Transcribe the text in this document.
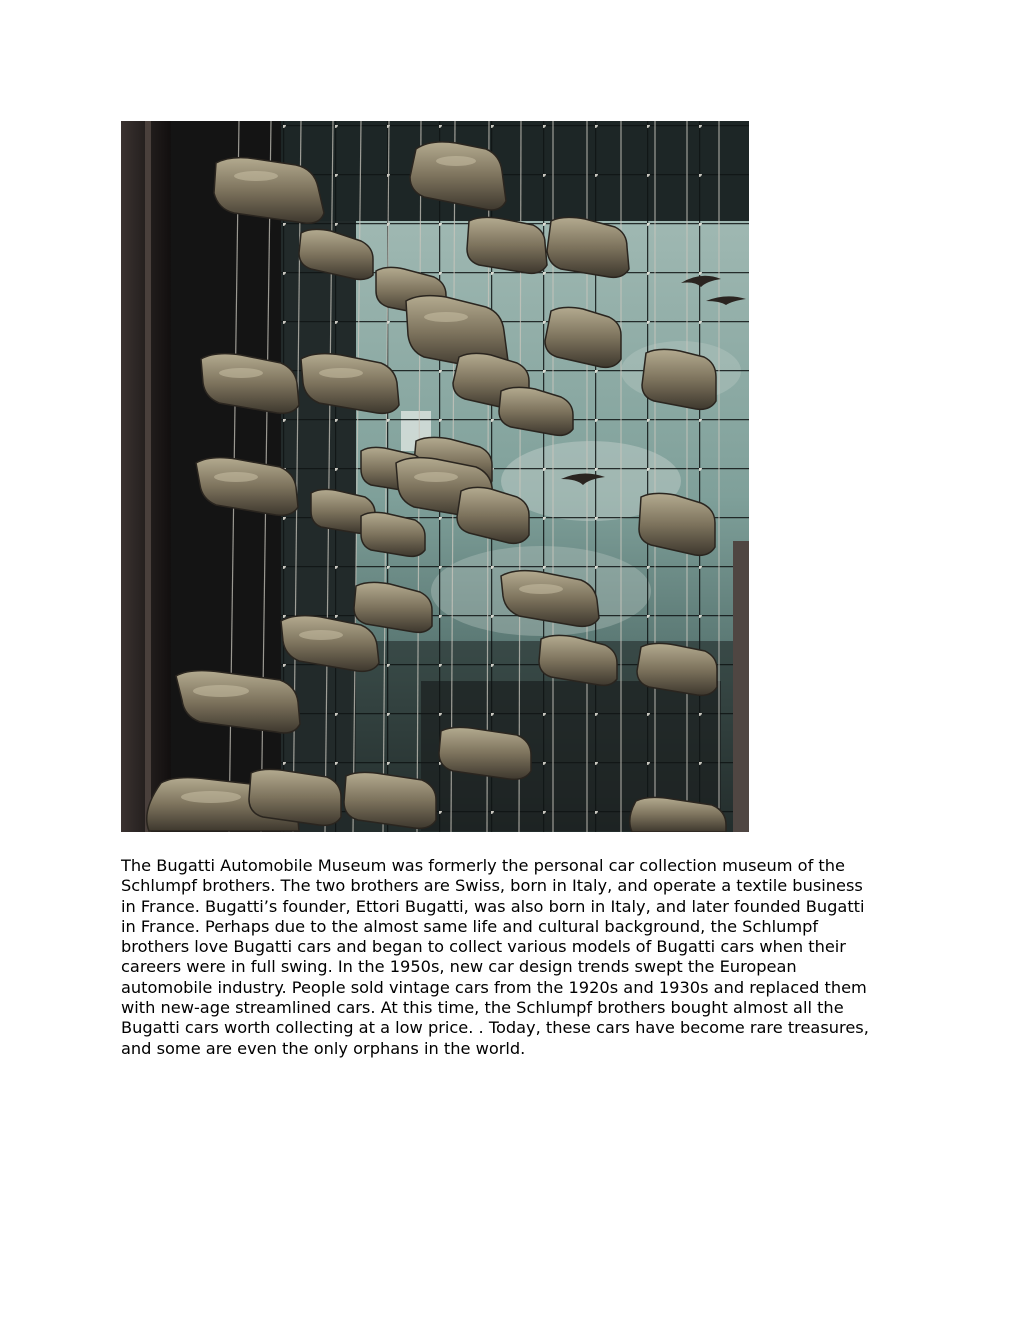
The Bugatti Automobile Museum was formerly the personal car collection museum of the
Schlumpf brothers. The two brothers are Swiss, born in Italy, and operate a textile business
in France. Bugatti’s founder, Ettori Bugatti, was also born in Italy, and later founded Bugatti
in France. Perhaps due to the almost same life and cultural background, the Schlumpf
brothers love Bugatti cars and began to collect various models of Bugatti cars when their
careers were in full swing. In the 1950s, new car design trends swept the European
automobile industry. People sold vintage cars from the 1920s and 1930s and replaced them
with new-age streamlined cars. At this time, the Schlumpf brothers bought almost all the
Bugatti cars worth collecting at a low price. . Today, these cars have become rare treasures,
and some are even the only orphans in the world.
